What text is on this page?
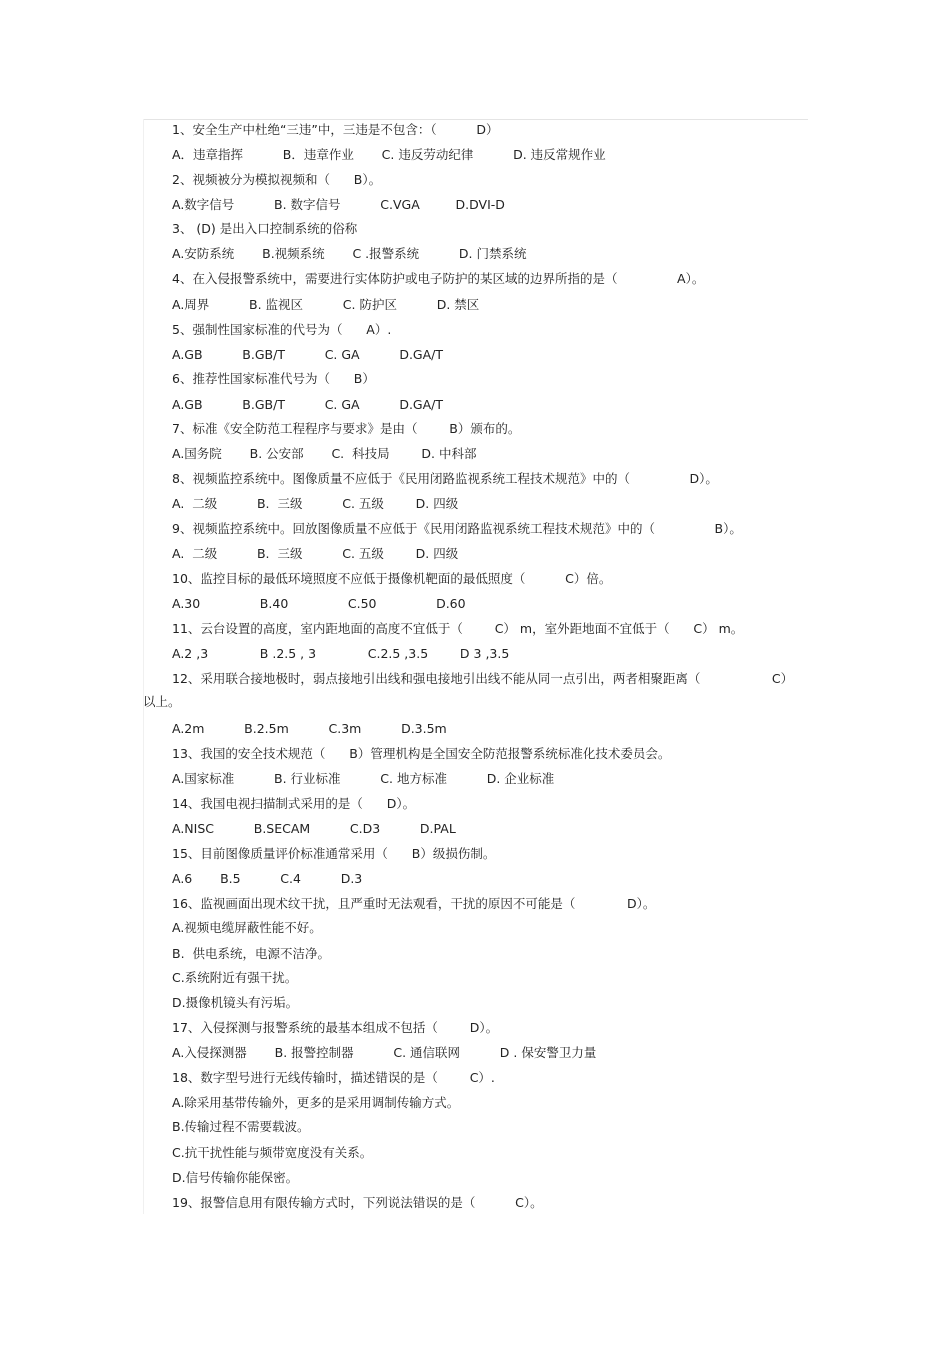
1、安全生产中杜绝“三违”中，三违是不包含：（          D）
A．违章指挥          B．违章作业       C. 违反劳动纪律          D. 违反常规作业
2、视频被分为模拟视频和（      B）。
A.数字信号          B. 数字信号          C.VGA         D.DVI-D
3、 (D) 是出入口控制系统的俗称
A.安防系统       B.视频系统       C .报警系统          D. 门禁系统
4、在入侵报警系统中，需要进行实体防护或电子防护的某区域的边界所指的是（               A）。
A.周界          B. 监视区          C. 防护区          D. 禁区
5、强制性国家标准的代号为（      A）.
A.GB          B.GB/T          C. GA          D.GA/T
6、推荐性国家标准代号为（      B）
A.GB          B.GB/T          C. GA          D.GA/T
7、标准《安全防范工程程序与要求》是由（        B）颁布的。
A.国务院       B. 公安部       C.  科技局        D. 中科部
8、视频监控系统中。图像质量不应低于《民用闭路监视系统工程技术规范》中的（               D）。
A.  二级          B.  三级          C. 五级        D. 四级
9、视频监控系统中。回放图像质量不应低于《民用闭路监视系统工程技术规范》中的（               B）。
A.  二级          B.  三级          C. 五级        D. 四级
10、监控目标的最低环境照度不应低于摄像机靶面的最低照度（          C）倍。
A.30               B.40               C.50               D.60
11、云台设置的高度，室内距地面的高度不宜低于（        C） m，室外距地面不宜低于（      C） m。
A.2 ,3             B .2.5 , 3             C.2.5 ,3.5        D 3 ,3.5
12、采用联合接地极时，弱点接地引出线和强电接地引出线不能从同一点引出，两者相聚距离（                  C）
以上。
A.2m          B.2.5m          C.3m          D.3.5m
13、我国的安全技术规范（      B）管理机构是全国安全防范报警系统标准化技术委员会。
A.国家标准          B. 行业标准          C. 地方标准          D. 企业标准
14、我国电视扫描制式采用的是（      D）。
A.NISC          B.SECAM          C.D3          D.PAL
15、目前图像质量评价标准通常采用（      B）级损伤制。
A.6       B.5          C.4          D.3
16、监视画面出现术纹干扰，且严重时无法观看，干扰的原因不可能是（             D）。
A.视频电缆屏蔽性能不好。
B.  供电系统，电源不洁净。
C.系统附近有强干扰。
D.摄像机镜头有污垢。
17、入侵探测与报警系统的最基本组成不包括（        D）。
A.入侵探测器       B. 报警控制器          C. 通信联网          D . 保安警卫力量
18、数字型号进行无线传输时，描述错误的是（        C）.
A.除采用基带传输外，更多的是采用调制传输方式。
B.传输过程不需要载波。
C.抗干扰性能与频带宽度没有关系。
D.信号传输你能保密。
19、报警信息用有限传输方式时，下列说法错误的是（          C）。
